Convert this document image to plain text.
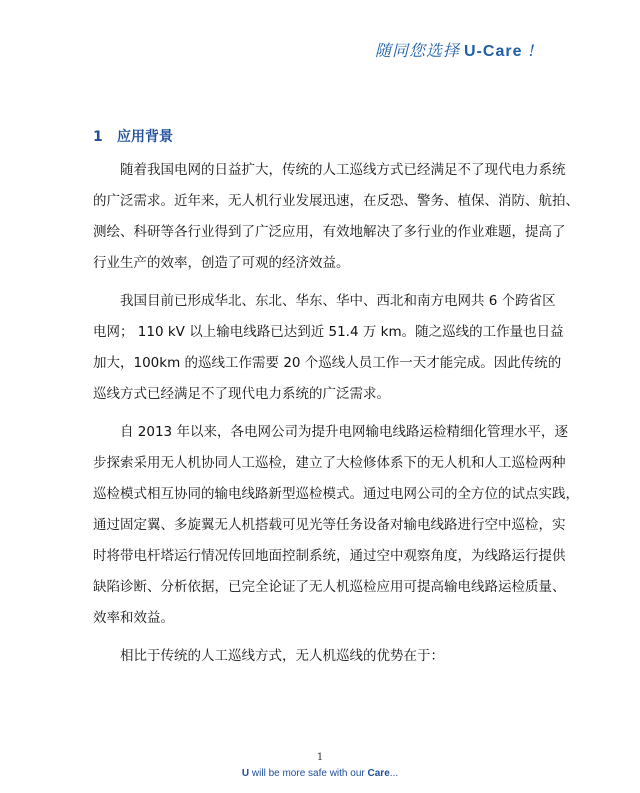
随同您选择 U-Care !
1 应用背景
随着我国电网的日益扩大，传统的人工巡线方式已经满足不了现代电力系统
的广泛需求。近年来，无人机行业发展迅速，在反恐、警务、植保、消防、航拍、
测绘、科研等各行业得到了广泛应用，有效地解决了多行业的作业难题，提高了
行业生产的效率，创造了可观的经济效益。
我国目前已形成华北、东北、华东、华中、西北和南方电网共 6 个跨省区
电网； 110 kV 以上输电线路已达到近 51.4 万 km。随之巡线的工作量也日益
加大，100km 的巡线工作需要 20 个巡线人员工作一天才能完成。因此传统的
巡线方式已经满足不了现代电力系统的广泛需求。
自 2013 年以来，各电网公司为提升电网输电线路运检精细化管理水平，逐
步探索采用无人机协同人工巡检，建立了大检修体系下的无人机和人工巡检两种
巡检模式相互协同的输电线路新型巡检模式。通过电网公司的全方位的试点实践，
通过固定翼、多旋翼无人机搭载可见光等任务设备对输电线路进行空中巡检，实
时将带电杆塔运行情况传回地面控制系统，通过空中观察角度，为线路运行提供
缺陷诊断、分析依据，已完全论证了无人机巡检应用可提高输电线路运检质量、
效率和效益。
相比于传统的人工巡线方式，无人机巡线的优势在于：
1
U will be more safe with our Care...
